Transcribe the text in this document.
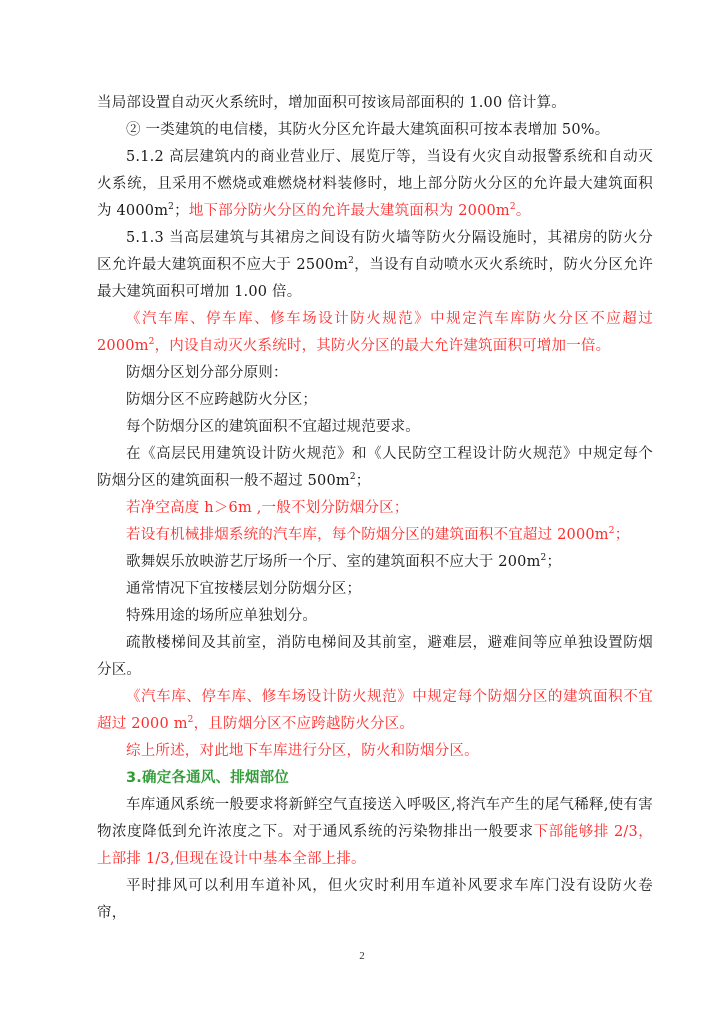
当局部设置自动灭火系统时，增加面积可按该局部面积的 1.00 倍计算。

② 一类建筑的电信楼，其防火分区允许最大建筑面积可按本表增加 50%。

5.1.2 高层建筑内的商业营业厅、展览厅等，当设有火灾自动报警系统和自动灭火系统，且采用不燃烧或难燃烧材料装修时，地上部分防火分区的允许最大建筑面积为 $4000m^2$；地下部分防火分区的允许最大建筑面积为 $2000m^2$。

5.1.3 当高层建筑与其裙房之间设有防火墙等防火分隔设施时，其裙房的防火分区允许最大建筑面积不应大于 $2500m^2$，当设有自动喷水灭火系统时，防火分区允许最大建筑面积可增加 1.00 倍。

《汽车库、停车库、修车场设计防火规范》中规定汽车库防火分区不应超过 $2000m^2$，内设自动灭火系统时，其防火分区的最大允许建筑面积可增加一倍。

防烟分区划分部分原则：

防烟分区不应跨越防火分区；

每个防烟分区的建筑面积不宜超过规范要求。

在《高层民用建筑设计防火规范》和《人民防空工程设计防火规范》中规定每个防烟分区的建筑面积一般不超过 $500m^2$；

若净空高度 h＞6m ,一般不划分防烟分区；

若设有机械排烟系统的汽车库，每个防烟分区的建筑面积不宜超过 $2000m^2$；

歌舞娱乐放映游艺厅场所一个厅、室的建筑面积不应大于 $200m^2$；

通常情况下宜按楼层划分防烟分区；

特殊用途的场所应单独划分。

疏散楼梯间及其前室，消防电梯间及其前室，避难层，避难间等应单独设置防烟分区。

《汽车库、停车库、修车场设计防火规范》中规定每个防烟分区的建筑面积不宜超过 2000 $m^2$，且防烟分区不应跨越防火分区。

综上所述，对此地下车库进行分区，防火和防烟分区。

3.确定各通风、排烟部位

车库通风系统一般要求将新鲜空气直接送入呼吸区,将汽车产生的尾气稀释,使有害物浓度降低到允许浓度之下。对于通风系统的污染物排出一般要求下部能够排 2/3，上部排 1/3,但现在设计中基本全部上排。

平时排风可以利用车道补风，但火灾时利用车道补风要求车库门没有设防火卷帘，

2
